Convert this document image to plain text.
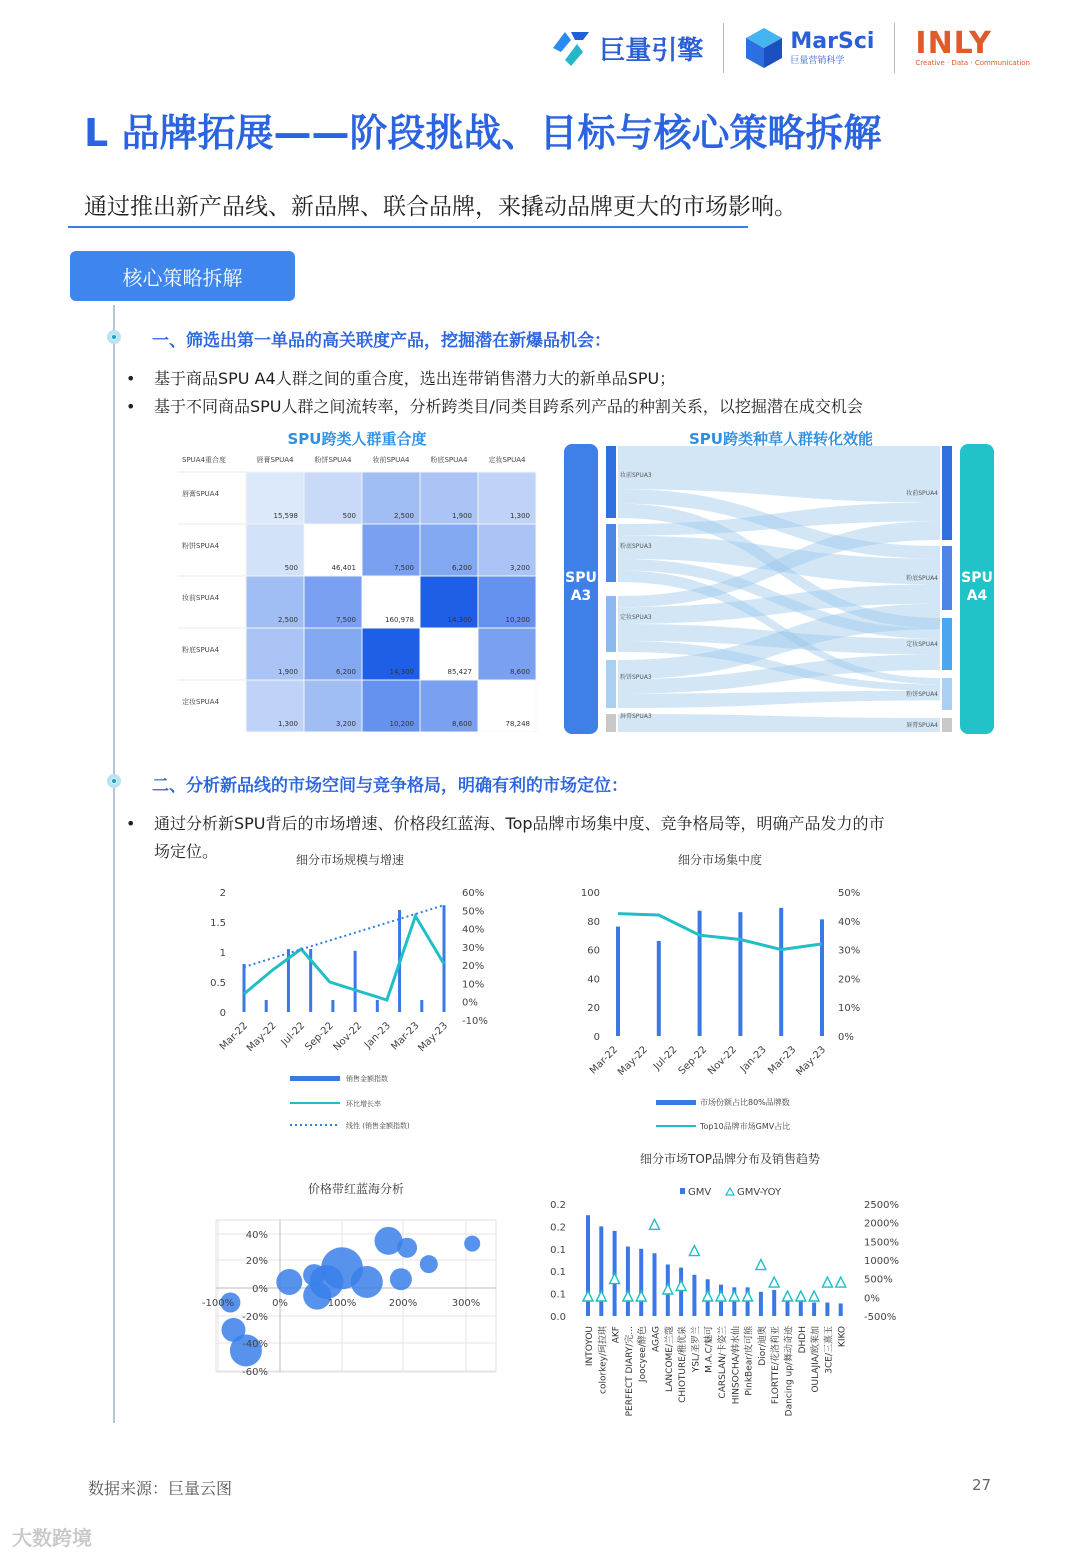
巨量引擎	MarSci
巨量营销科学	INLY
Creative · Data · Communication
L 品牌拓展——阶段挑战、目标与核心策略拆解
通过推出新产品线、新品牌、联合品牌，来撬动品牌更大的市场影响。
核心策略拆解
一、筛选出第一单品的高关联度产品，挖掘潜在新爆品机会：
• 基于商品SPU A4人群之间的重合度，选出连带销售潜力大的新单品SPU；
• 基于不同商品SPU人群之间流转率，分析跨类目/同类目跨系列产品的种割关系，以挖掘潜在成交机会
SPU跨类人群重合度
SPUA4重合度	唇膏SPUA4	粉饼SPUA4	妆前SPUA4	粉底SPUA4	定妆SPUA4
唇膏SPUA4
15,598	500	2,500	1,900	1,300
粉饼SPUA4
500	46,401	7,500	6,200	3,200
妆前SPUA4
2,500	7,500	160,978	14,300	10,200
粉底SPUA4
1,900	6,200	14,300	85,427	8,600
定妆SPUA4
1,300	3,200	10,200	8,600	78,248
SPU跨类种草人群转化效能
SPU
A3
SPU
A4
妆前SPUA3
粉底SPUA3
定妆SPUA3
粉饼SPUA3
唇膏SPUA3
妆前SPUA4
粉底SPUA4
定妆SPUA4
粉饼SPUA4
唇膏SPUA4
二、分析新品线的市场空间与竞争格局，明确有利的市场定位：
• 通过分析新SPU背后的市场增速、价格段红蓝海、Top品牌市场集中度、竞争格局等，明确产品发力的市
场定位。	细分市场规模与增速
2
1.5
1
0.5
0
60%
50%
40%
30%
20%
10%
0%
-10%
Mar-22
May-22 Jul-22
Sep-22
Nov-22
Jan-23
Mar-23
May-23
销售金额指数
环比增长率
线性 (销售金额指数)
细分市场集中度
100
80
60
40
20
0
50%
40%
30%
20%
10%
0%
Mar-22
May-22 Jul-22
Sep-22
Nov-22 Jan-23
Mar-23
May-23
市场份额占比80%品牌数
Top10品牌市场GMV占比
价格带红蓝海分析
-100%	0%	100%	200%	300%
40%
20%
0%
-20%
-40%
-60%
细分市场TOP品牌分布及销售趋势
0.2
0.2
0.1
0.1
0.1
0.0
2500%
2000%
1500%
1000%
500%
0%
-500%
GMV	GMV-YOY
INTOYOU colorkey/珂拉琪 AKF PERFECT DIARY/完... Joocyee/酵色 AGAG LANCOME/兰蔻 CHIOTURE/稚优泉 YSL/圣罗兰 M.A.C/魅可 CARSLAN/卡姿兰 HINSOCHA/韩水仙 PinkBear/皮可熊 Dior/迪奥 FLORTTE/花洛莉亚 Dancing up/舞动奇迹 DHDH OULAJIA/欧莱加 3CE/三熹玉 KIKO
数据来源：巨量云图	27
大数跨境
